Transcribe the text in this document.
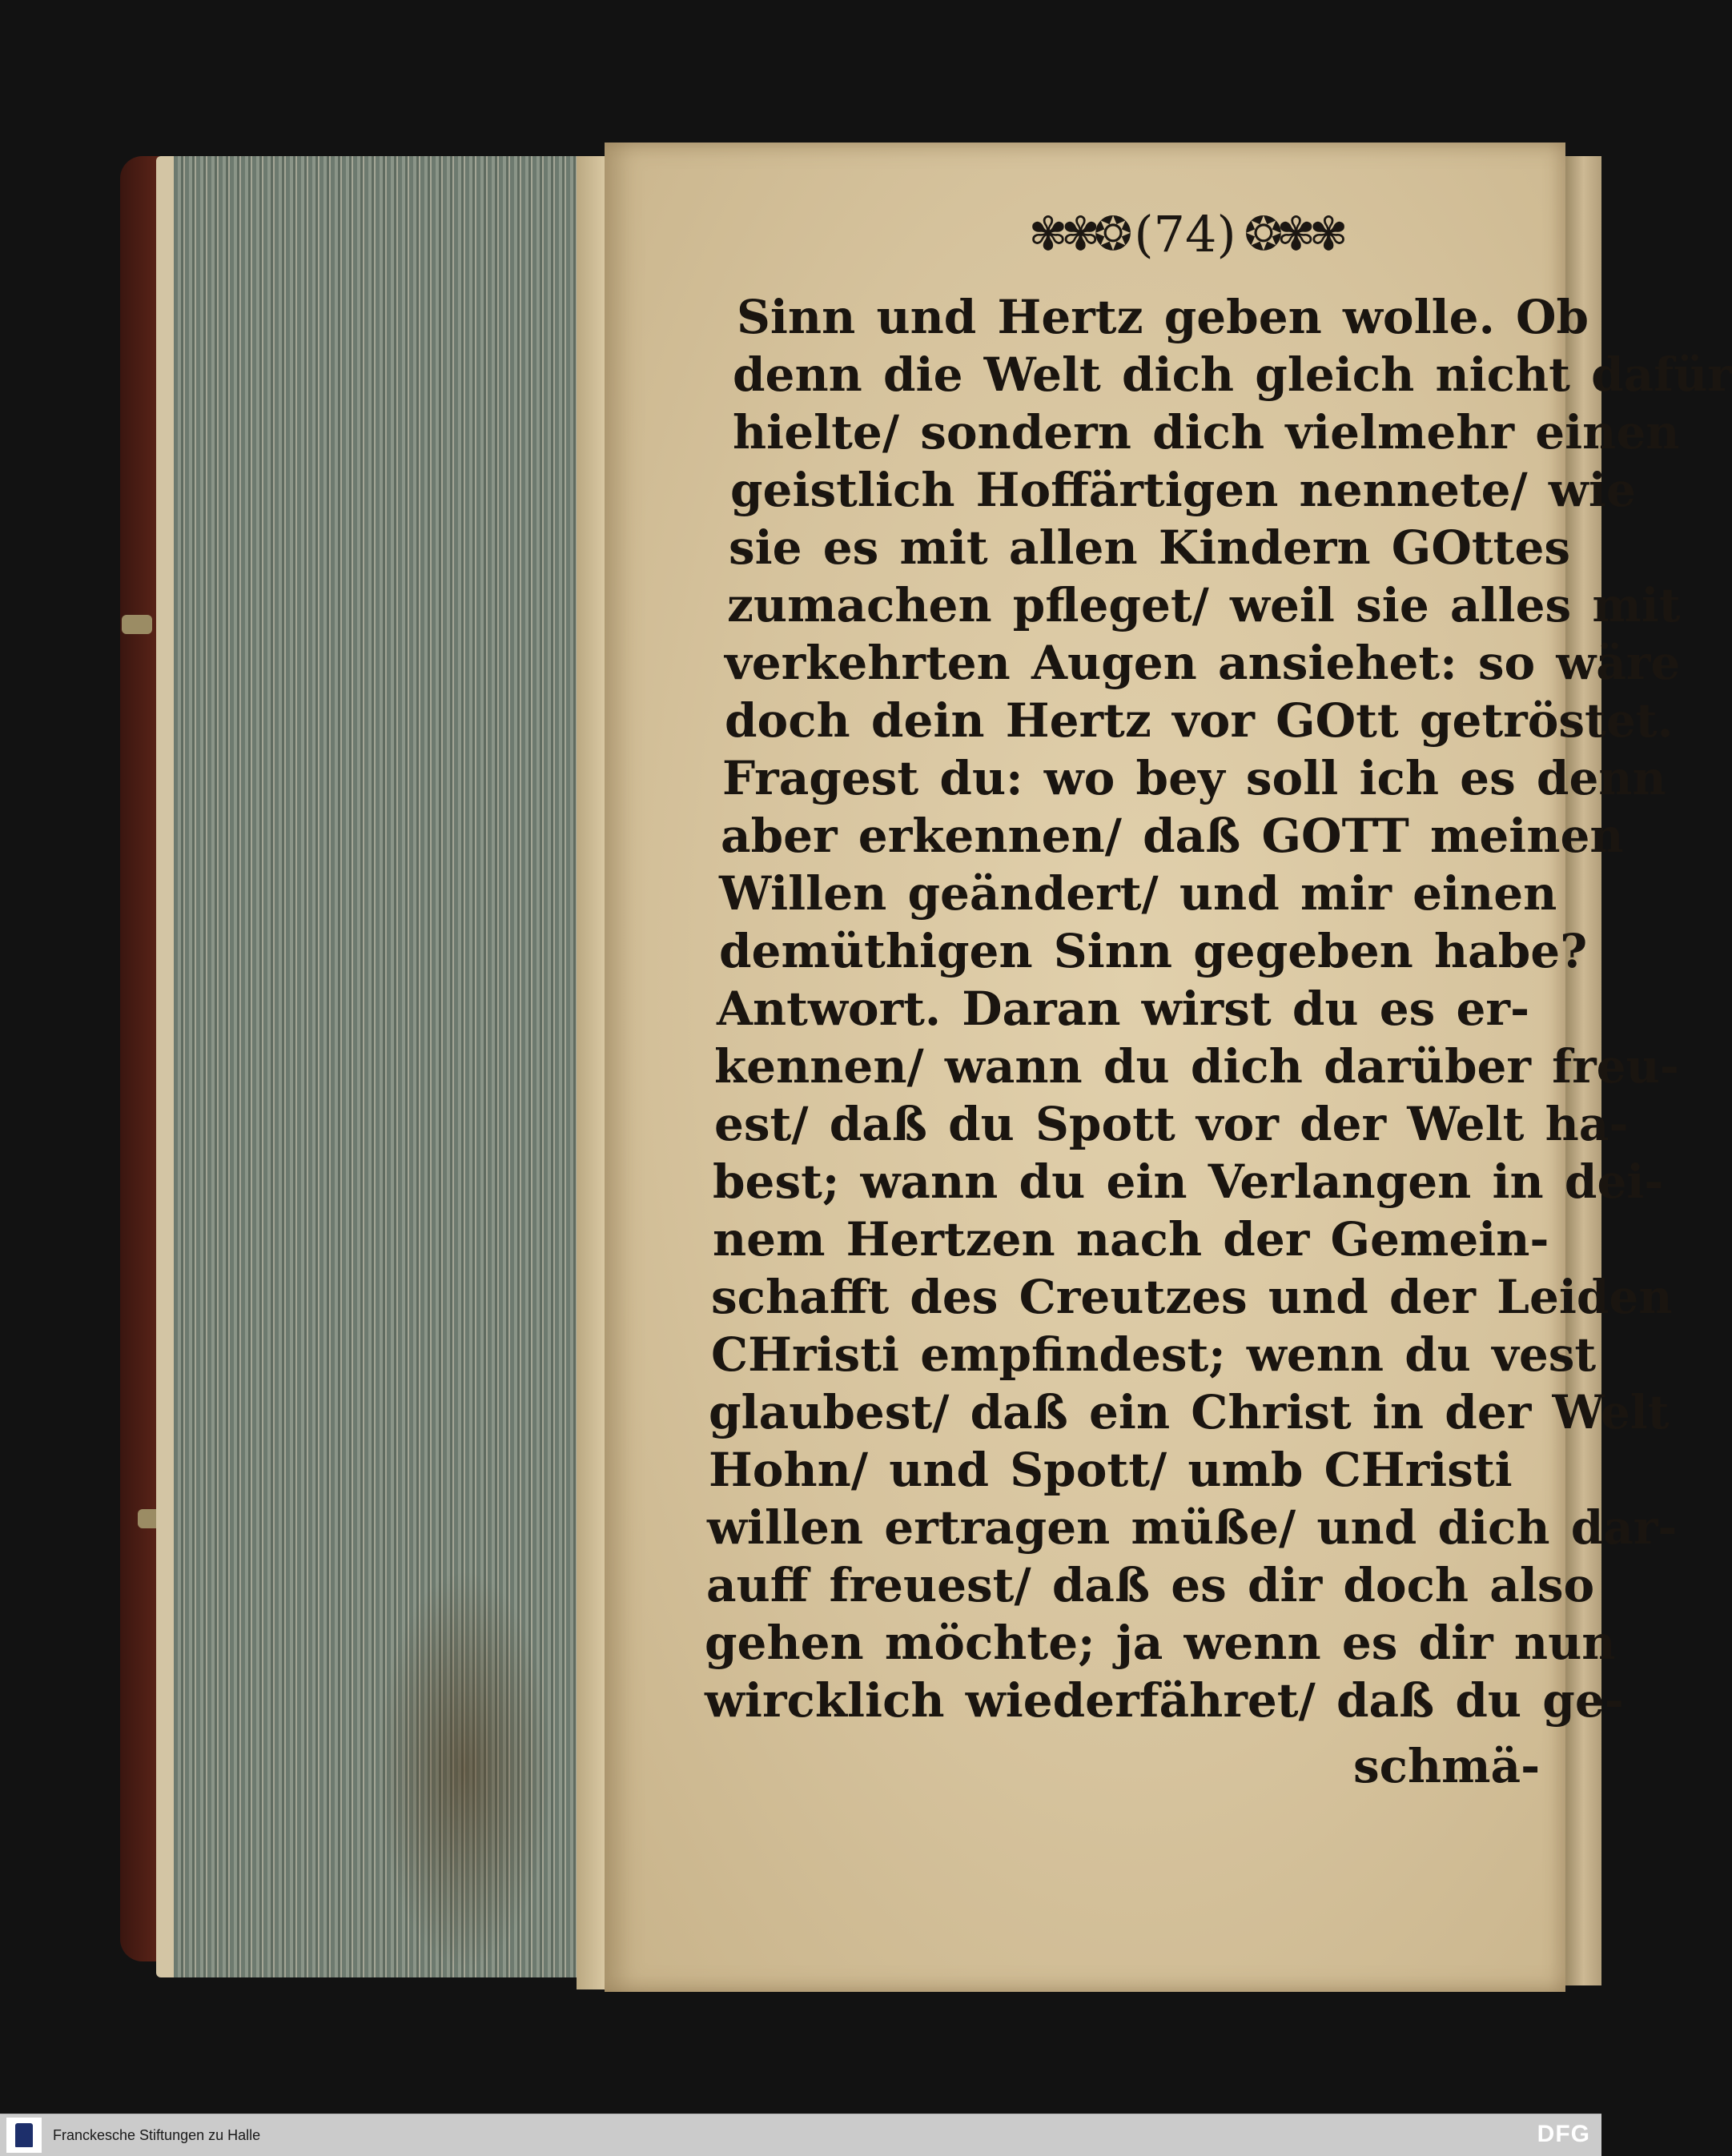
✾✾❂ (74) ❂✾✾
Sinn und Hertz geben wolle. Ob
denn die Welt dich gleich nicht dafür
hielte/ sondern dich vielmehr einen
geistlich Hoffärtigen nennete/ wie
sie es mit allen Kindern GOttes
zumachen pfleget/ weil sie alles mit
verkehrten Augen ansiehet: so wäre
doch dein Hertz vor GOtt getröstet.
Fragest du: wo bey soll ich es denn
aber erkennen/ daß GOTT meinen
Willen geändert/ und mir einen
demüthigen Sinn gegeben habe?
Antwort. Daran wirst du es er-
kennen/ wann du dich darüber freu-
est/ daß du Spott vor der Welt ha-
best; wann du ein Verlangen in dei-
nem Hertzen nach der Gemein-
schafft des Creutzes und der Leiden
CHristi empfindest; wenn du vest
glaubest/ daß ein Christ in der Welt
Hohn/ und Spott/ umb CHristi
willen ertragen müße/ und dich dar-
auff freuest/ daß es dir doch also
gehen möchte; ja wenn es dir nun
wircklich wiederfähret/ daß du ge-
schmä-
Franckesche Stiftungen zu Halle	DFG
